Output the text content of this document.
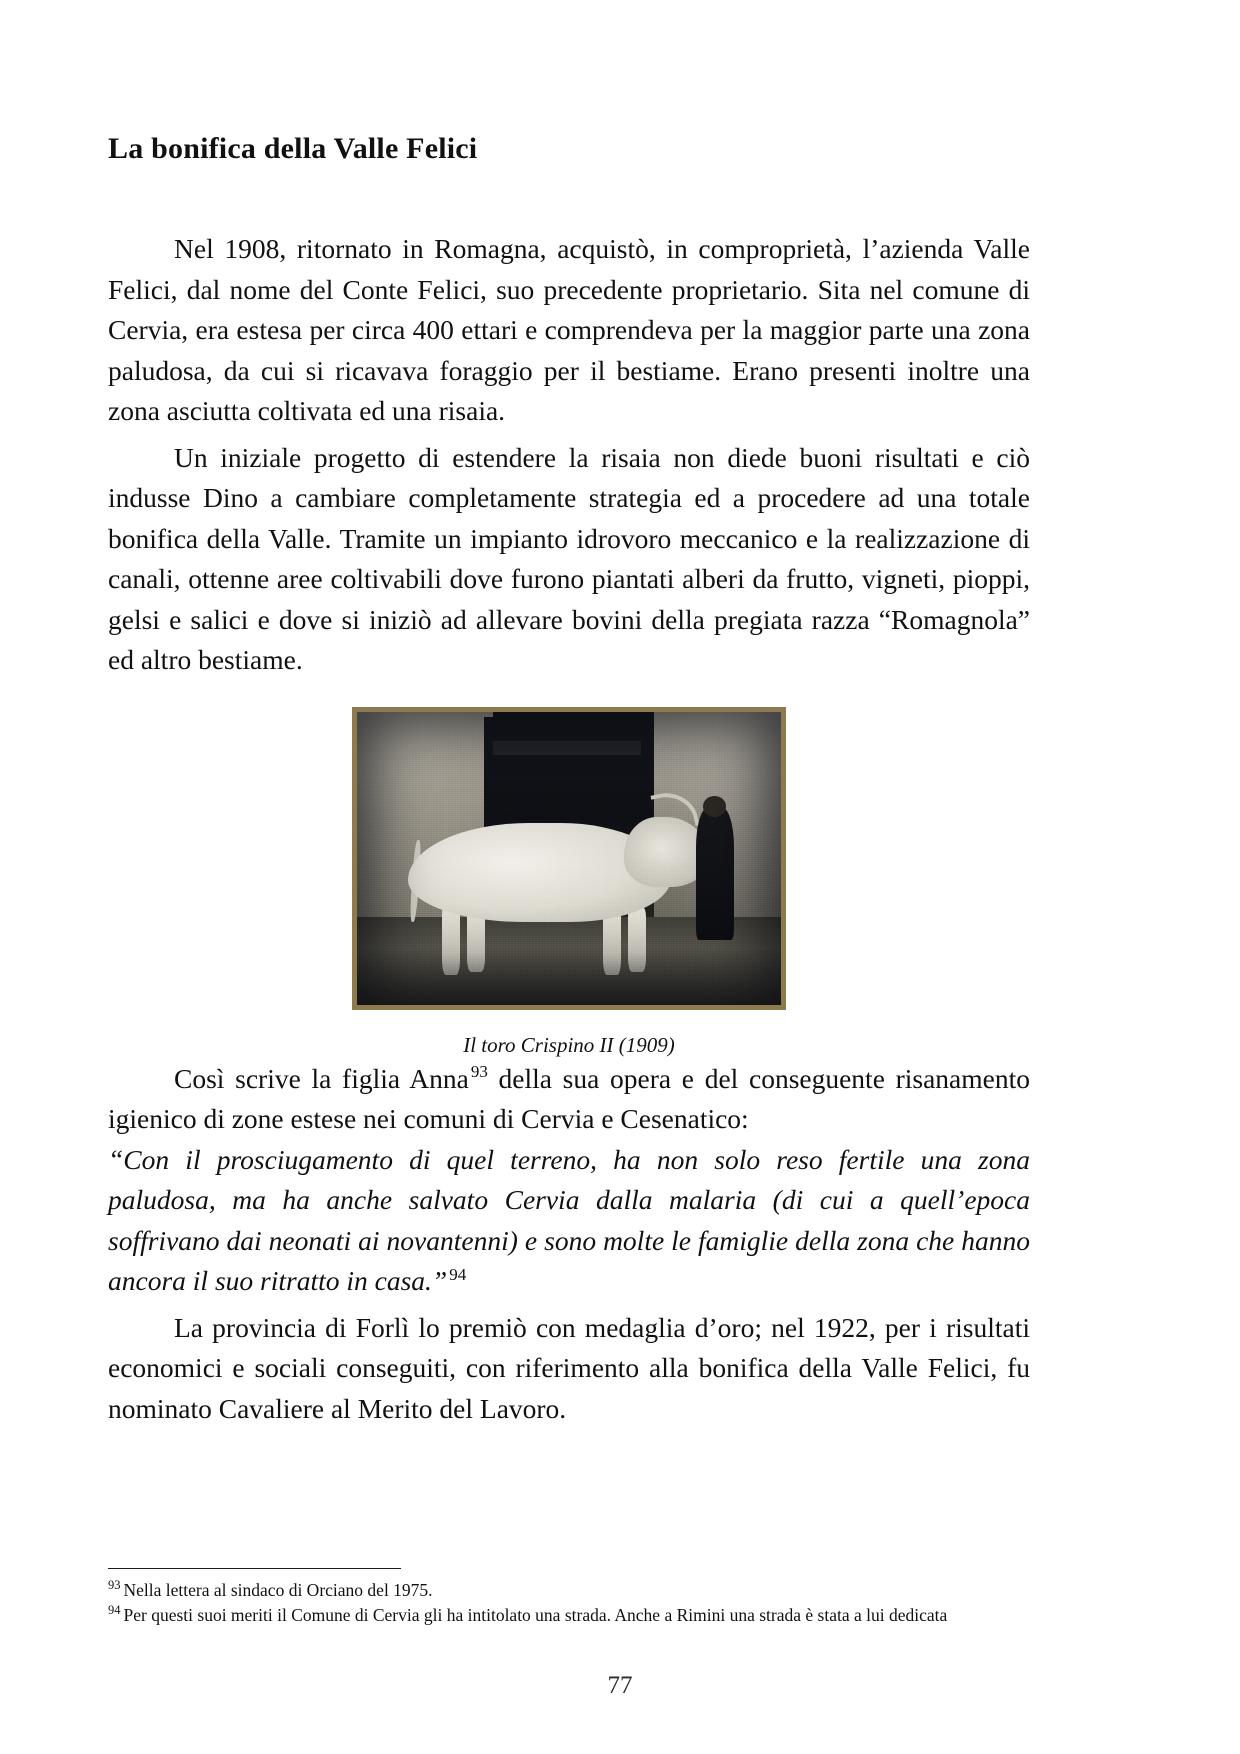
La bonifica della Valle Felici

Nel 1908, ritornato in Romagna, acquistò, in comproprietà, l’azienda Valle Felici, dal nome del Conte Felici, suo precedente proprietario. Sita nel comune di Cervia, era estesa per circa 400 ettari e comprendeva per la maggior parte una zona paludosa, da cui si ricavava foraggio per il bestiame. Erano presenti inoltre una zona asciutta coltivata ed una risaia.

Un iniziale progetto di estendere la risaia non diede buoni risultati e ciò indusse Dino a cambiare completamente strategia ed a procedere ad una totale bonifica della Valle. Tramite un impianto idrovoro meccanico e la realizzazione di canali, ottenne aree coltivabili dove furono piantati alberi da frutto, vigneti, pioppi, gelsi e salici e dove si iniziò ad allevare bovini della pregiata razza “Romagnola” ed altro bestiame.

Il toro Crispino II (1909)

Così scrive la figlia Anna $^{93}$ della sua opera e del conseguente risanamento igienico di zone estese nei comuni di Cervia e Cesenatico:

“Con il prosciugamento di quel terreno, ha non solo reso fertile una zona paludosa, ma ha anche salvato Cervia dalla malaria (di cui a quell’epoca soffrivano dai neonati ai novantenni) e sono molte le famiglie della zona che hanno ancora il suo ritratto in casa.” $^{94}$

La provincia di Forlì lo premiò con medaglia d’oro; nel 1922, per i risultati economici e sociali conseguiti, con riferimento alla bonifica della Valle Felici, fu nominato Cavaliere al Merito del Lavoro.

$^{93}$ Nella lettera al sindaco di Orciano del 1975.

$^{94}$ Per questi suoi meriti il Comune di Cervia gli ha intitolato una strada. Anche a Rimini una strada è stata a lui dedicata

77
